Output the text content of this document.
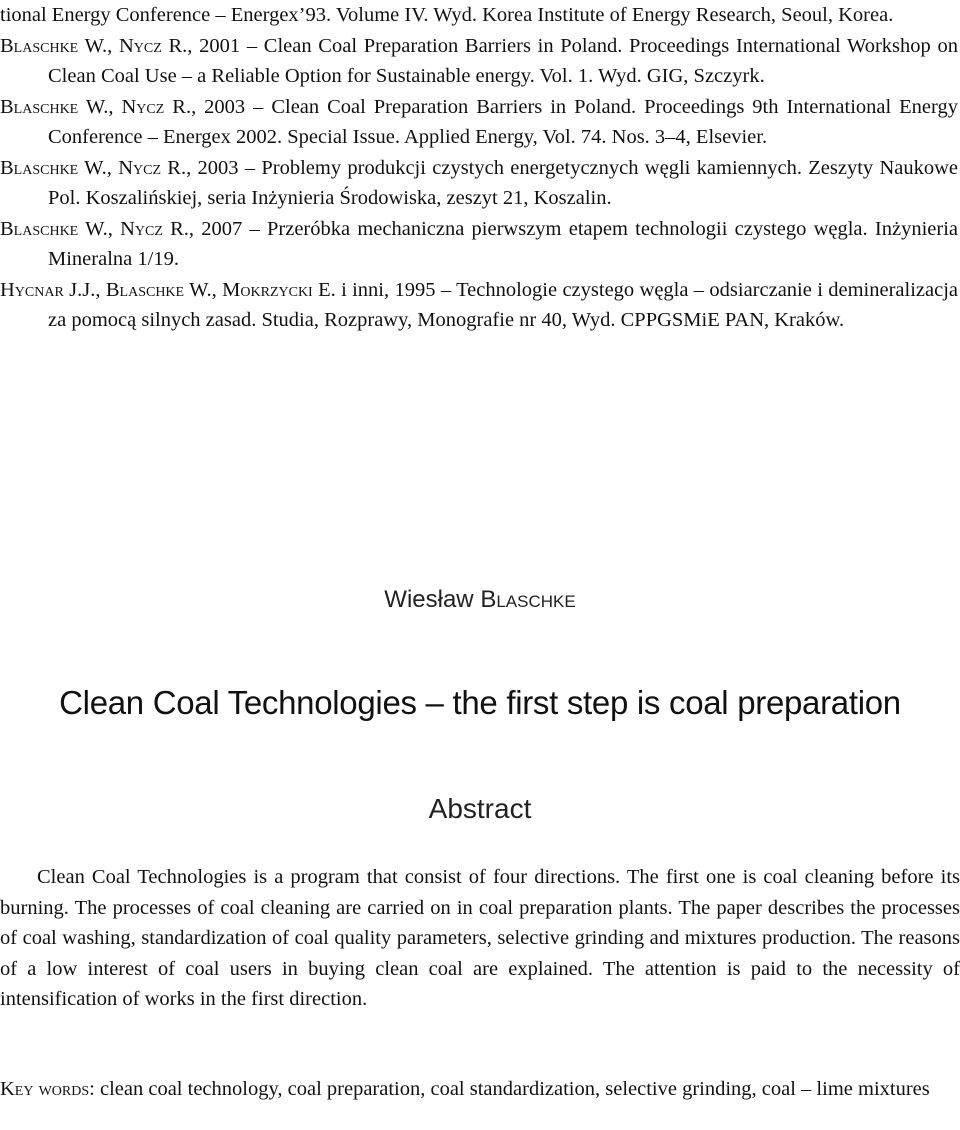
tional Energy Conference – Energex’93. Volume IV. Wyd. Korea Institute of Energy Research, Seoul, Korea.

Blaschke W., Nycz R., 2001 – Clean Coal Preparation Barriers in Poland. Proceedings International Workshop on Clean Coal Use – a Reliable Option for Sustainable energy. Vol. 1. Wyd. GIG, Szczyrk.

Blaschke W., Nycz R., 2003 – Clean Coal Preparation Barriers in Poland. Proceedings 9th International Energy Conference – Energex 2002. Special Issue. Applied Energy, Vol. 74. Nos. 3–4, Elsevier.

Blaschke W., Nycz R., 2003 – Problemy produkcji czystych energetycznych węgli kamiennych. Zeszyty Naukowe Pol. Koszalińskiej, seria Inżynieria Środowiska, zeszyt 21, Koszalin.

Blaschke W., Nycz R., 2007 – Przeróbka mechaniczna pierwszym etapem technologii czystego węgla. Inżynieria Mineralna 1/19.

Hycnar J.J., Blaschke W., Mokrzycki E. i inni, 1995 – Technologie czystego węgla – odsiarczanie i demineralizacja za pomocą silnych zasad. Studia, Rozprawy, Monografie nr 40, Wyd. CPPGSMiE PAN, Kraków.

Wiesław Blaschke
Clean Coal Technologies – the first step is coal preparation
Abstract

Clean Coal Technologies is a program that consist of four directions. The first one is coal cleaning before its burning. The processes of coal cleaning are carried on in coal preparation plants. The paper describes the processes of coal washing, standardization of coal quality parameters, selective grinding and mixtures production. The reasons of a low interest of coal users in buying clean coal are explained. The attention is paid to the necessity of intensification of works in the first direction.

Key words: clean coal technology, coal preparation, coal standardization, selective grinding, coal – lime mixtures
